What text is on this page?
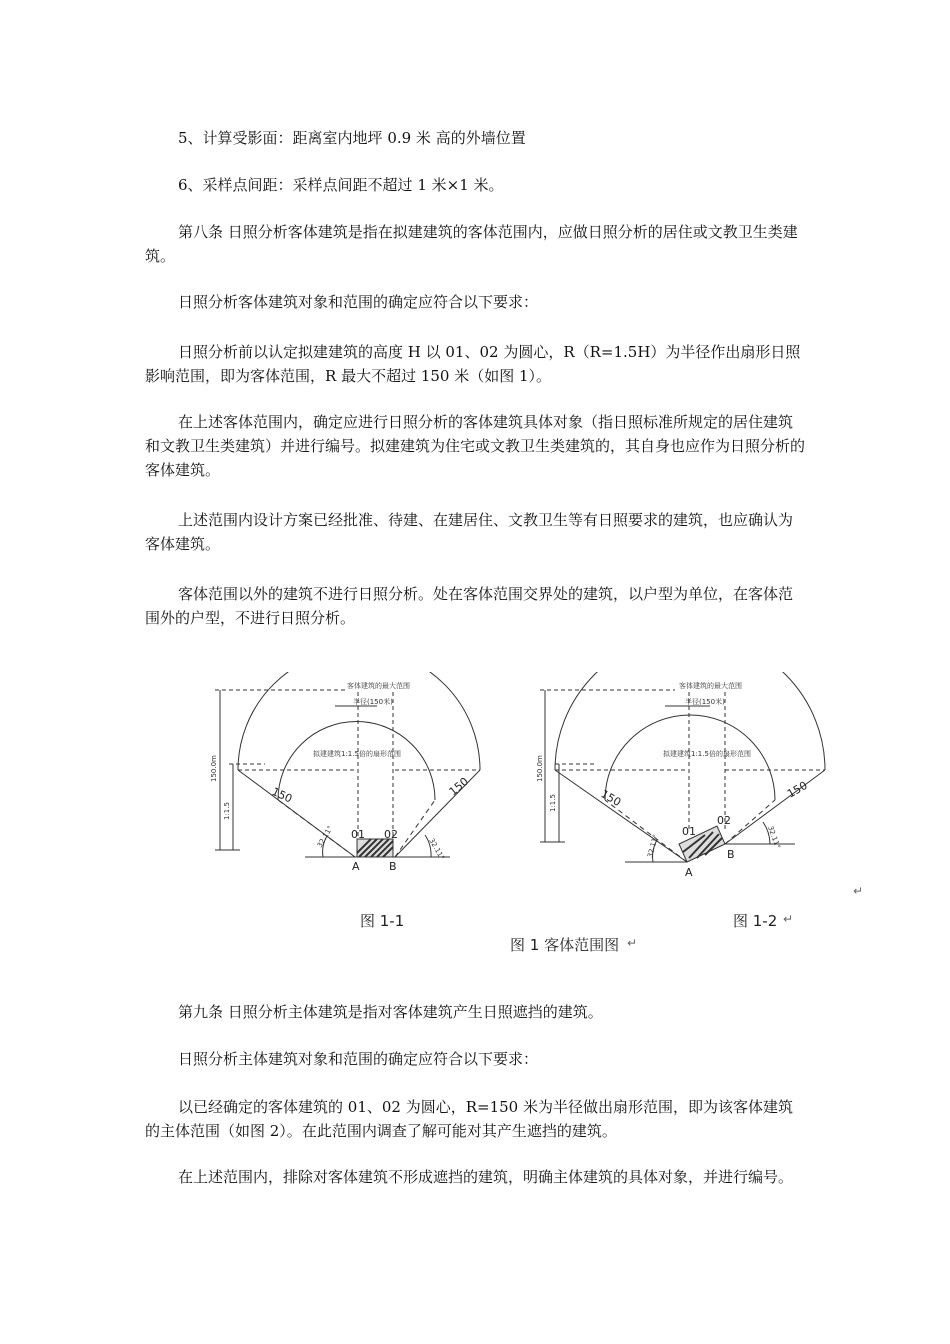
5、计算受影面：距离室内地坪 0.9 米 高的外墙位置

6、采样点间距：采样点间距不超过 1 米×1 米。

第八条 日照分析客体建筑是指在拟建建筑的客体范围内，应做日照分析的居住或文教卫生类建筑。

日照分析客体建筑对象和范围的确定应符合以下要求：

日照分析前以认定拟建建筑的高度 H 以 01、02 为圆心，R（R=1.5H）为半径作出扇形日照影响范围，即为客体范围，R 最大不超过 150 米（如图 1）。

在上述客体范围内，确定应进行日照分析的客体建筑具体对象（指日照标准所规定的居住建筑和文教卫生类建筑）并进行编号。拟建建筑为住宅或文教卫生类建筑的，其自身也应作为日照分析的客体建筑。

上述范围内设计方案已经批准、待建、在建居住、文教卫生等有日照要求的建筑，也应确认为客体建筑。

客体范围以外的建筑不进行日照分析。处在客体范围交界处的建筑，以户型为单位，在客体范围外的户型，不进行日照分析。

客体建筑的最大范围
半径(150米)
拟建建筑1:1.5倍的扇形范围
150.0m
1:1.5
32.11°
32.11°
150	150
01 02
A	B
客体建筑的最大范围
半径(150米)
拟建建筑1:1.5倍的扇形范围
150.0m
1:1.5
32.11°	32.11°
150	150
01
02
A
B
↵
图 1-1	图 1-2 ↵
图 1 客体范围图 ↵

第九条 日照分析主体建筑是指对客体建筑产生日照遮挡的建筑。

日照分析主体建筑对象和范围的确定应符合以下要求：

以已经确定的客体建筑的 01、02 为圆心，R=150 米为半径做出扇形范围，即为该客体建筑的主体范围（如图 2）。在此范围内调查了解可能对其产生遮挡的建筑。

在上述范围内，排除对客体建筑不形成遮挡的建筑，明确主体建筑的具体对象，并进行编号。
